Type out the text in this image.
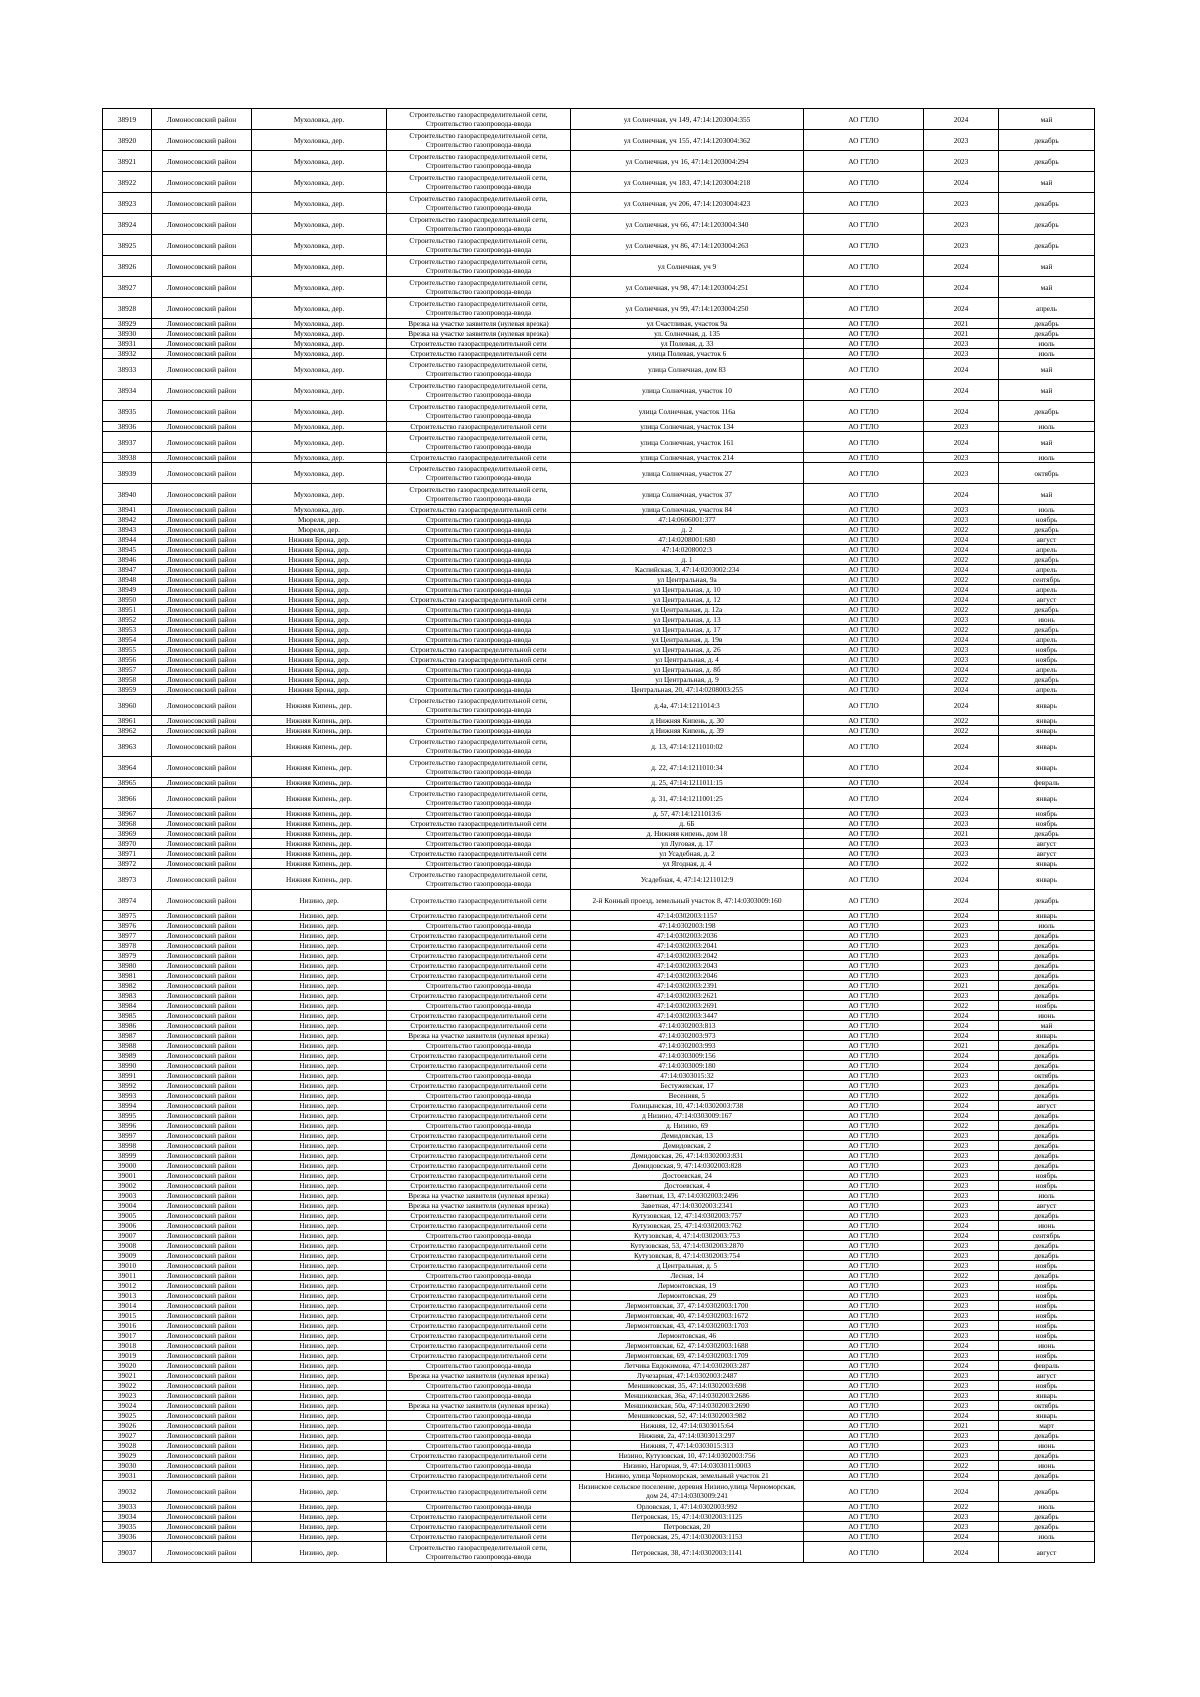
38919	Ломоносовский район	Мухоловка, дер.	Строительство газораспределительной сети, Строительство газопровода-ввода	ул Солнечная, уч 149, 47:14:1203004:355	АО ГТЛО	2024	май
38920	Ломоносовский район	Мухоловка, дер.	Строительство газораспределительной сети, Строительство газопровода-ввода	ул Солнечная, уч 155, 47:14:1203004:362	АО ГТЛО	2023	декабрь
38921	Ломоносовский район	Мухоловка, дер.	Строительство газораспределительной сети, Строительство газопровода-ввода	ул Солнечная, уч 16, 47:14:1203004:294	АО ГТЛО	2023	декабрь
38922	Ломоносовский район	Мухоловка, дер.	Строительство газораспределительной сети, Строительство газопровода-ввода	ул Солнечная, уч 183, 47:14:1203004:218	АО ГТЛО	2024	май
38923	Ломоносовский район	Мухоловка, дер.	Строительство газораспределительной сети, Строительство газопровода-ввода	ул Солнечная, уч 206, 47:14:1203004:423	АО ГТЛО	2023	декабрь
38924	Ломоносовский район	Мухоловка, дер.	Строительство газораспределительной сети, Строительство газопровода-ввода	ул Солнечная, уч 66, 47:14:1203004:340	АО ГТЛО	2023	декабрь
38925	Ломоносовский район	Мухоловка, дер.	Строительство газораспределительной сети, Строительство газопровода-ввода	ул Солнечная, уч 86, 47:14:1203004:263	АО ГТЛО	2023	декабрь
38926	Ломоносовский район	Мухоловка, дер.	Строительство газораспределительной сети, Строительство газопровода-ввода	ул Солнечная, уч 9	АО ГТЛО	2024	май
38927	Ломоносовский район	Мухоловка, дер.	Строительство газораспределительной сети, Строительство газопровода-ввода	ул Солнечная, уч 98, 47:14:1203004:251	АО ГТЛО	2024	май
38928	Ломоносовский район	Мухоловка, дер.	Строительство газораспределительной сети, Строительство газопровода-ввода	ул Солнечная, уч 99, 47:14:1203004:250	АО ГТЛО	2024	апрель
38929	Ломоносовский район	Мухоловка, дер.	Врезка на участке заявителя (нулевая врезка)	ул Счастливая, участок 9а	АО ГТЛО	2021	декабрь
38930	Ломоносовский район	Мухоловка, дер.	Врезка на участке заявителя (нулевая врезка)	ул. Солнечная, д. 135	АО ГТЛО	2021	декабрь
38931	Ломоносовский район	Мухоловка, дер.	Строительство газораспределительной сети	ул Полевая, д. 33	АО ГТЛО	2023	июль
38932	Ломоносовский район	Мухоловка, дер.	Строительство газораспределительной сети	улица Полевая, участок 6	АО ГТЛО	2023	июль
38933	Ломоносовский район	Мухоловка, дер.	Строительство газораспределительной сети, Строительство газопровода-ввода	улица Солнечная, дом 83	АО ГТЛО	2024	май
38934	Ломоносовский район	Мухоловка, дер.	Строительство газораспределительной сети, Строительство газопровода-ввода	улица Солнечная, участок 10	АО ГТЛО	2024	май
38935	Ломоносовский район	Мухоловка, дер.	Строительство газораспределительной сети, Строительство газопровода-ввода	улица Солнечная, участок 116а	АО ГТЛО	2024	декабрь
38936	Ломоносовский район	Мухоловка, дер.	Строительство газораспределительной сети	улица Солнечная, участок 134	АО ГТЛО	2023	июль
38937	Ломоносовский район	Мухоловка, дер.	Строительство газораспределительной сети, Строительство газопровода-ввода	улица Солнечная, участок 161	АО ГТЛО	2024	май
38938	Ломоносовский район	Мухоловка, дер.	Строительство газораспределительной сети	улица Солнечная, участок 214	АО ГТЛО	2023	июль
38939	Ломоносовский район	Мухоловка, дер.	Строительство газораспределительной сети, Строительство газопровода-ввода	улица Солнечная, участок 27	АО ГТЛО	2023	октябрь
38940	Ломоносовский район	Мухоловка, дер.	Строительство газораспределительной сети, Строительство газопровода-ввода	улица Солнечная, участок 37	АО ГТЛО	2024	май
38941	Ломоносовский район	Мухоловка, дер.	Строительство газораспределительной сети	улица Солнечная, участок 84	АО ГТЛО	2023	июль
38942	Ломоносовский район	Мюреля, дер.	Строительство газопровода-ввода	47:14:0606001:377	АО ГТЛО	2023	ноябрь
38943	Ломоносовский район	Мюреля, дер.	Строительство газопровода-ввода	д. 2	АО ГТЛО	2022	декабрь
38944	Ломоносовский район	Нижняя Брона, дер.	Строительство газопровода-ввода	47:14:0208001:680	АО ГТЛО	2024	август
38945	Ломоносовский район	Нижняя Брона, дер.	Строительство газопровода-ввода	47:14:0208002:3	АО ГТЛО	2024	апрель
38946	Ломоносовский район	Нижняя Брона, дер.	Строительство газопровода-ввода	д. 1	АО ГТЛО	2022	декабрь
38947	Ломоносовский район	Нижняя Брона, дер.	Строительство газопровода-ввода	Каспийская, 3, 47:14:0203002:234	АО ГТЛО	2024	апрель
38948	Ломоносовский район	Нижняя Брона, дер.	Строительство газопровода-ввода	ул Центральная, 9а	АО ГТЛО	2022	сентябрь
38949	Ломоносовский район	Нижняя Брона, дер.	Строительство газопровода-ввода	ул Центральная, д. 10	АО ГТЛО	2024	апрель
38950	Ломоносовский район	Нижняя Брона, дер.	Строительство газораспределительной сети	ул Центральная, д. 12	АО ГТЛО	2024	август
38951	Ломоносовский район	Нижняя Брона, дер.	Строительство газопровода-ввода	ул Центральная, д. 12а	АО ГТЛО	2022	декабрь
38952	Ломоносовский район	Нижняя Брона, дер.	Строительство газопровода-ввода	ул Центральная, д. 13	АО ГТЛО	2023	июнь
38953	Ломоносовский район	Нижняя Брона, дер.	Строительство газопровода-ввода	ул Центральная, д. 17	АО ГТЛО	2022	декабрь
38954	Ломоносовский район	Нижняя Брона, дер.	Строительство газопровода-ввода	ул Центральная, д. 19в	АО ГТЛО	2024	апрель
38955	Ломоносовский район	Нижняя Брона, дер.	Строительство газораспределительной сети	ул Центральная, д. 26	АО ГТЛО	2023	ноябрь
38956	Ломоносовский район	Нижняя Брона, дер.	Строительство газораспределительной сети	ул Центральная, д. 4	АО ГТЛО	2023	ноябрь
38957	Ломоносовский район	Нижняя Брона, дер.	Строительство газопровода-ввода	ул Центральная, д. 8б	АО ГТЛО	2024	апрель
38958	Ломоносовский район	Нижняя Брона, дер.	Строительство газопровода-ввода	ул Центральная, д. 9	АО ГТЛО	2022	декабрь
38959	Ломоносовский район	Нижняя Брона, дер.	Строительство газопровода-ввода	Центральная, 20, 47:14:0208003:255	АО ГТЛО	2024	апрель
38960	Ломоносовский район	Нижняя Кипень, дер.	Строительство газораспределительной сети, Строительство газопровода-ввода	д.4а, 47:14:1211014:3	АО ГТЛО	2024	январь
38961	Ломоносовский район	Нижняя Кипень, дер.	Строительство газопровода-ввода	д Нижняя Кипень, д. 30	АО ГТЛО	2022	январь
38962	Ломоносовский район	Нижняя Кипень, дер.	Строительство газопровода-ввода	д Нижняя Кипень, д. 39	АО ГТЛО	2022	январь
38963	Ломоносовский район	Нижняя Кипень, дер.	Строительство газораспределительной сети, Строительство газопровода-ввода	д. 13, 47:14:1211010:02	АО ГТЛО	2024	январь
38964	Ломоносовский район	Нижняя Кипень, дер.	Строительство газораспределительной сети, Строительство газопровода-ввода	д. 22, 47:14:1211010:34	АО ГТЛО	2024	январь
38965	Ломоносовский район	Нижняя Кипень, дер.	Строительство газопровода-ввода	д. 25, 47:14:1211011:15	АО ГТЛО	2024	февраль
38966	Ломоносовский район	Нижняя Кипень, дер.	Строительство газораспределительной сети, Строительство газопровода-ввода	д. 31, 47:14:1211001:25	АО ГТЛО	2024	январь
38967	Ломоносовский район	Нижняя Кипень, дер.	Строительство газопровода-ввода	д. 57, 47:14:1211013:6	АО ГТЛО	2023	ноябрь
38968	Ломоносовский район	Нижняя Кипень, дер.	Строительство газораспределительной сети	д. 6Б	АО ГТЛО	2023	ноябрь
38969	Ломоносовский район	Нижняя Кипень, дер.	Строительство газопровода-ввода	д. Нижняя кипень, дом 18	АО ГТЛО	2021	декабрь
38970	Ломоносовский район	Нижняя Кипень, дер.	Строительство газопровода-ввода	ул Луговая, д. 17	АО ГТЛО	2023	август
38971	Ломоносовский район	Нижняя Кипень, дер.	Строительство газораспределительной сети	ул Усадебная, д. 2	АО ГТЛО	2023	август
38972	Ломоносовский район	Нижняя Кипень, дер.	Строительство газопровода-ввода	ул Ягодная, д. 4	АО ГТЛО	2022	январь
38973	Ломоносовский район	Нижняя Кипень, дер.	Строительство газораспределительной сети, Строительство газопровода-ввода	Усадебная, 4, 47:14:1211012:9	АО ГТЛО	2024	январь
38974	Ломоносовский район	Низино, дер.	Строительство газораспределительной сети	2-й Конный проезд, земельный участок 8, 47:14:0303009:160	АО ГТЛО	2024	декабрь
38975	Ломоносовский район	Низино, дер.	Строительство газораспределительной сети	47:14:0302003:1157	АО ГТЛО	2024	январь
38976	Ломоносовский район	Низино, дер.	Строительство газопровода-ввода	47:14:0302003:198	АО ГТЛО	2023	июль
38977	Ломоносовский район	Низино, дер.	Строительство газораспределительной сети	47:14:0302003:2036	АО ГТЛО	2023	декабрь
38978	Ломоносовский район	Низино, дер.	Строительство газораспределительной сети	47:14:0302003:2041	АО ГТЛО	2023	декабрь
38979	Ломоносовский район	Низино, дер.	Строительство газораспределительной сети	47:14:0302003:2042	АО ГТЛО	2023	декабрь
38980	Ломоносовский район	Низино, дер.	Строительство газораспределительной сети	47:14:0302003:2043	АО ГТЛО	2023	декабрь
38981	Ломоносовский район	Низино, дер.	Строительство газораспределительной сети	47:14:0302003:2046	АО ГТЛО	2023	декабрь
38982	Ломоносовский район	Низино, дер.	Строительство газопровода-ввода	47:14:0302003:2391	АО ГТЛО	2021	декабрь
38983	Ломоносовский район	Низино, дер.	Строительство газораспределительной сети	47:14:0302003:2621	АО ГТЛО	2023	декабрь
38984	Ломоносовский район	Низино, дер.	Строительство газопровода-ввода	47:14:0302003:2691	АО ГТЛО	2022	ноябрь
38985	Ломоносовский район	Низино, дер.	Строительство газораспределительной сети	47:14:0302003:3447	АО ГТЛО	2024	июнь
38986	Ломоносовский район	Низино, дер.	Строительство газораспределительной сети	47:14:0302003:813	АО ГТЛО	2024	май
38987	Ломоносовский район	Низино, дер.	Врезка на участке заявителя (нулевая врезка)	47:14:0302003:973	АО ГТЛО	2024	январь
38988	Ломоносовский район	Низино, дер.	Строительство газопровода-ввода	47:14:0302003:993	АО ГТЛО	2021	декабрь
38989	Ломоносовский район	Низино, дер.	Строительство газораспределительной сети	47:14:0303009:156	АО ГТЛО	2024	декабрь
38990	Ломоносовский район	Низино, дер.	Строительство газораспределительной сети	47:14:0303009:180	АО ГТЛО	2024	декабрь
38991	Ломоносовский район	Низино, дер.	Строительство газопровода-ввода	47:14:0303015:32	АО ГТЛО	2023	октябрь
38992	Ломоносовский район	Низино, дер.	Строительство газораспределительной сети	Бестужевская, 17	АО ГТЛО	2023	декабрь
38993	Ломоносовский район	Низино, дер.	Строительство газопровода-ввода	Весенняя, 5	АО ГТЛО	2022	декабрь
38994	Ломоносовский район	Низино, дер.	Строительство газораспределительной сети	Голицынская, 10, 47:14:0302003:738	АО ГТЛО	2024	август
38995	Ломоносовский район	Низино, дер.	Строительство газораспределительной сети	д Низино, 47:14:0303009:167	АО ГТЛО	2024	декабрь
38996	Ломоносовский район	Низино, дер.	Строительство газопровода-ввода	д. Низино, 69	АО ГТЛО	2022	декабрь
38997	Ломоносовский район	Низино, дер.	Строительство газораспределительной сети	Демидовская, 13	АО ГТЛО	2023	декабрь
38998	Ломоносовский район	Низино, дер.	Строительство газораспределительной сети	Демидовская, 2	АО ГТЛО	2023	декабрь
38999	Ломоносовский район	Низино, дер.	Строительство газораспределительной сети	Демидовская, 26, 47:14:0302003:831	АО ГТЛО	2023	декабрь
39000	Ломоносовский район	Низино, дер.	Строительство газораспределительной сети	Демидовская, 9, 47:14:0302003:828	АО ГТЛО	2023	декабрь
39001	Ломоносовский район	Низино, дер.	Строительство газораспределительной сети	Достоевская, 24	АО ГТЛО	2023	ноябрь
39002	Ломоносовский район	Низино, дер.	Строительство газораспределительной сети	Достоевская, 4	АО ГТЛО	2023	ноябрь
39003	Ломоносовский район	Низино, дер.	Врезка на участке заявителя (нулевая врезка)	Заветная, 13, 47:14:0302003:2496	АО ГТЛО	2023	июль
39004	Ломоносовский район	Низино, дер.	Врезка на участке заявителя (нулевая врезка)	Заветная, 47:14:0302003:2341	АО ГТЛО	2023	август
39005	Ломоносовский район	Низино, дер.	Строительство газораспределительной сети	Кутузовская, 12, 47:14:0302003:757	АО ГТЛО	2023	декабрь
39006	Ломоносовский район	Низино, дер.	Строительство газораспределительной сети	Кутузовская, 25, 47:14:0302003:762	АО ГТЛО	2024	июнь
39007	Ломоносовский район	Низино, дер.	Строительство газопровода-ввода	Кутузовская, 4, 47:14:0302003:753	АО ГТЛО	2024	сентябрь
39008	Ломоносовский район	Низино, дер.	Строительство газораспределительной сети	Кутузовская, 53, 47:14:0302003:2870	АО ГТЛО	2023	декабрь
39009	Ломоносовский район	Низино, дер.	Строительство газораспределительной сети	Кутузовская, 8, 47:14:0302003:754	АО ГТЛО	2023	декабрь
39010	Ломоносовский район	Низино, дер.	Строительство газораспределительной сети	д Центральная, д. 5	АО ГТЛО	2023	ноябрь
39011	Ломоносовский район	Низино, дер.	Строительство газопровода-ввода	Лесная, 14	АО ГТЛО	2022	декабрь
39012	Ломоносовский район	Низино, дер.	Строительство газораспределительной сети	Лермонтовская, 19	АО ГТЛО	2023	ноябрь
39013	Ломоносовский район	Низино, дер.	Строительство газораспределительной сети	Лермонтовская, 29	АО ГТЛО	2023	ноябрь
39014	Ломоносовский район	Низино, дер.	Строительство газораспределительной сети	Лермонтовская, 37, 47:14:0302003:1700	АО ГТЛО	2023	ноябрь
39015	Ломоносовский район	Низино, дер.	Строительство газораспределительной сети	Лермонтовская, 40, 47:14:0302003:1672	АО ГТЛО	2023	ноябрь
39016	Ломоносовский район	Низино, дер.	Строительство газораспределительной сети	Лермонтовская, 43, 47:14:0302003:1703	АО ГТЛО	2023	ноябрь
39017	Ломоносовский район	Низино, дер.	Строительство газораспределительной сети	Лермонтовская, 46	АО ГТЛО	2023	ноябрь
39018	Ломоносовский район	Низино, дер.	Строительство газораспределительной сети	Лермонтовская, 62, 47:14:0302003:1688	АО ГТЛО	2024	июнь
39019	Ломоносовский район	Низино, дер.	Строительство газораспределительной сети	Лермонтовская, 69, 47:14:0302003:1709	АО ГТЛО	2023	ноябрь
39020	Ломоносовский район	Низино, дер.	Строительство газопровода-ввода	Летчика Евдокимова, 47:14:0302003:287	АО ГТЛО	2024	февраль
39021	Ломоносовский район	Низино, дер.	Врезка на участке заявителя (нулевая врезка)	Лучезарная, 47:14:0302003:2487	АО ГТЛО	2023	август
39022	Ломоносовский район	Низино, дер.	Строительство газопровода-ввода	Меншиковская, 35, 47:14:0302003:698	АО ГТЛО	2023	ноябрь
39023	Ломоносовский район	Низино, дер.	Строительство газопровода-ввода	Меншиковская, 36а, 47:14:0302003:2686	АО ГТЛО	2023	январь
39024	Ломоносовский район	Низино, дер.	Врезка на участке заявителя (нулевая врезка)	Меншиковская, 50а, 47:14:0302003:2690	АО ГТЛО	2023	октябрь
39025	Ломоносовский район	Низино, дер.	Строительство газопровода-ввода	Меншиковская, 52, 47:14:0302003:982	АО ГТЛО	2024	январь
39026	Ломоносовский район	Низино, дер.	Строительство газопровода-ввода	Нижняя, 12, 47:14:0303015:64	АО ГТЛО	2021	март
39027	Ломоносовский район	Низино, дер.	Строительство газопровода-ввода	Нижняя, 2а, 47:14:0303013:297	АО ГТЛО	2023	декабрь
39028	Ломоносовский район	Низино, дер.	Строительство газопровода-ввода	Нижняя, 7, 47:14:0303015:313	АО ГТЛО	2023	июнь
39029	Ломоносовский район	Низино, дер.	Строительство газораспределительной сети	Низино, Кутузовская, 10, 47:14:0302003:756	АО ГТЛО	2023	декабрь
39030	Ломоносовский район	Низино, дер.	Строительство газопровода-ввода	Низино, Нагорная, 9, 47:14:0303011:0003	АО ГТЛО	2022	июнь
39031	Ломоносовский район	Низино, дер.	Строительство газораспределительной сети	Низино, улица Черноморская, земельный участок 21	АО ГТЛО	2024	декабрь
39032	Ломоносовский район	Низино, дер.	Строительство газораспределительной сети	Низинское сельское поселение, деревня Низино,улица Черноморская, дом 24, 47:14:0303009:241	АО ГТЛО	2024	декабрь
39033	Ломоносовский район	Низино, дер.	Строительство газопровода-ввода	Орловская, 1, 47:14:0302003:992	АО ГТЛО	2022	июль
39034	Ломоносовский район	Низино, дер.	Строительство газораспределительной сети	Петровская, 15, 47:14:0302003:1125	АО ГТЛО	2023	декабрь
39035	Ломоносовский район	Низино, дер.	Строительство газораспределительной сети	Петровская, 20	АО ГТЛО	2023	декабрь
39036	Ломоносовский район	Низино, дер.	Строительство газораспределительной сети	Петровская, 25, 47:14:0302003:1153	АО ГТЛО	2024	июль
39037	Ломоносовский район	Низино, дер.	Строительство газораспределительной сети, Строительство газопровода-ввода	Петровская, 38, 47:14:0302003:1141	АО ГТЛО	2024	август
